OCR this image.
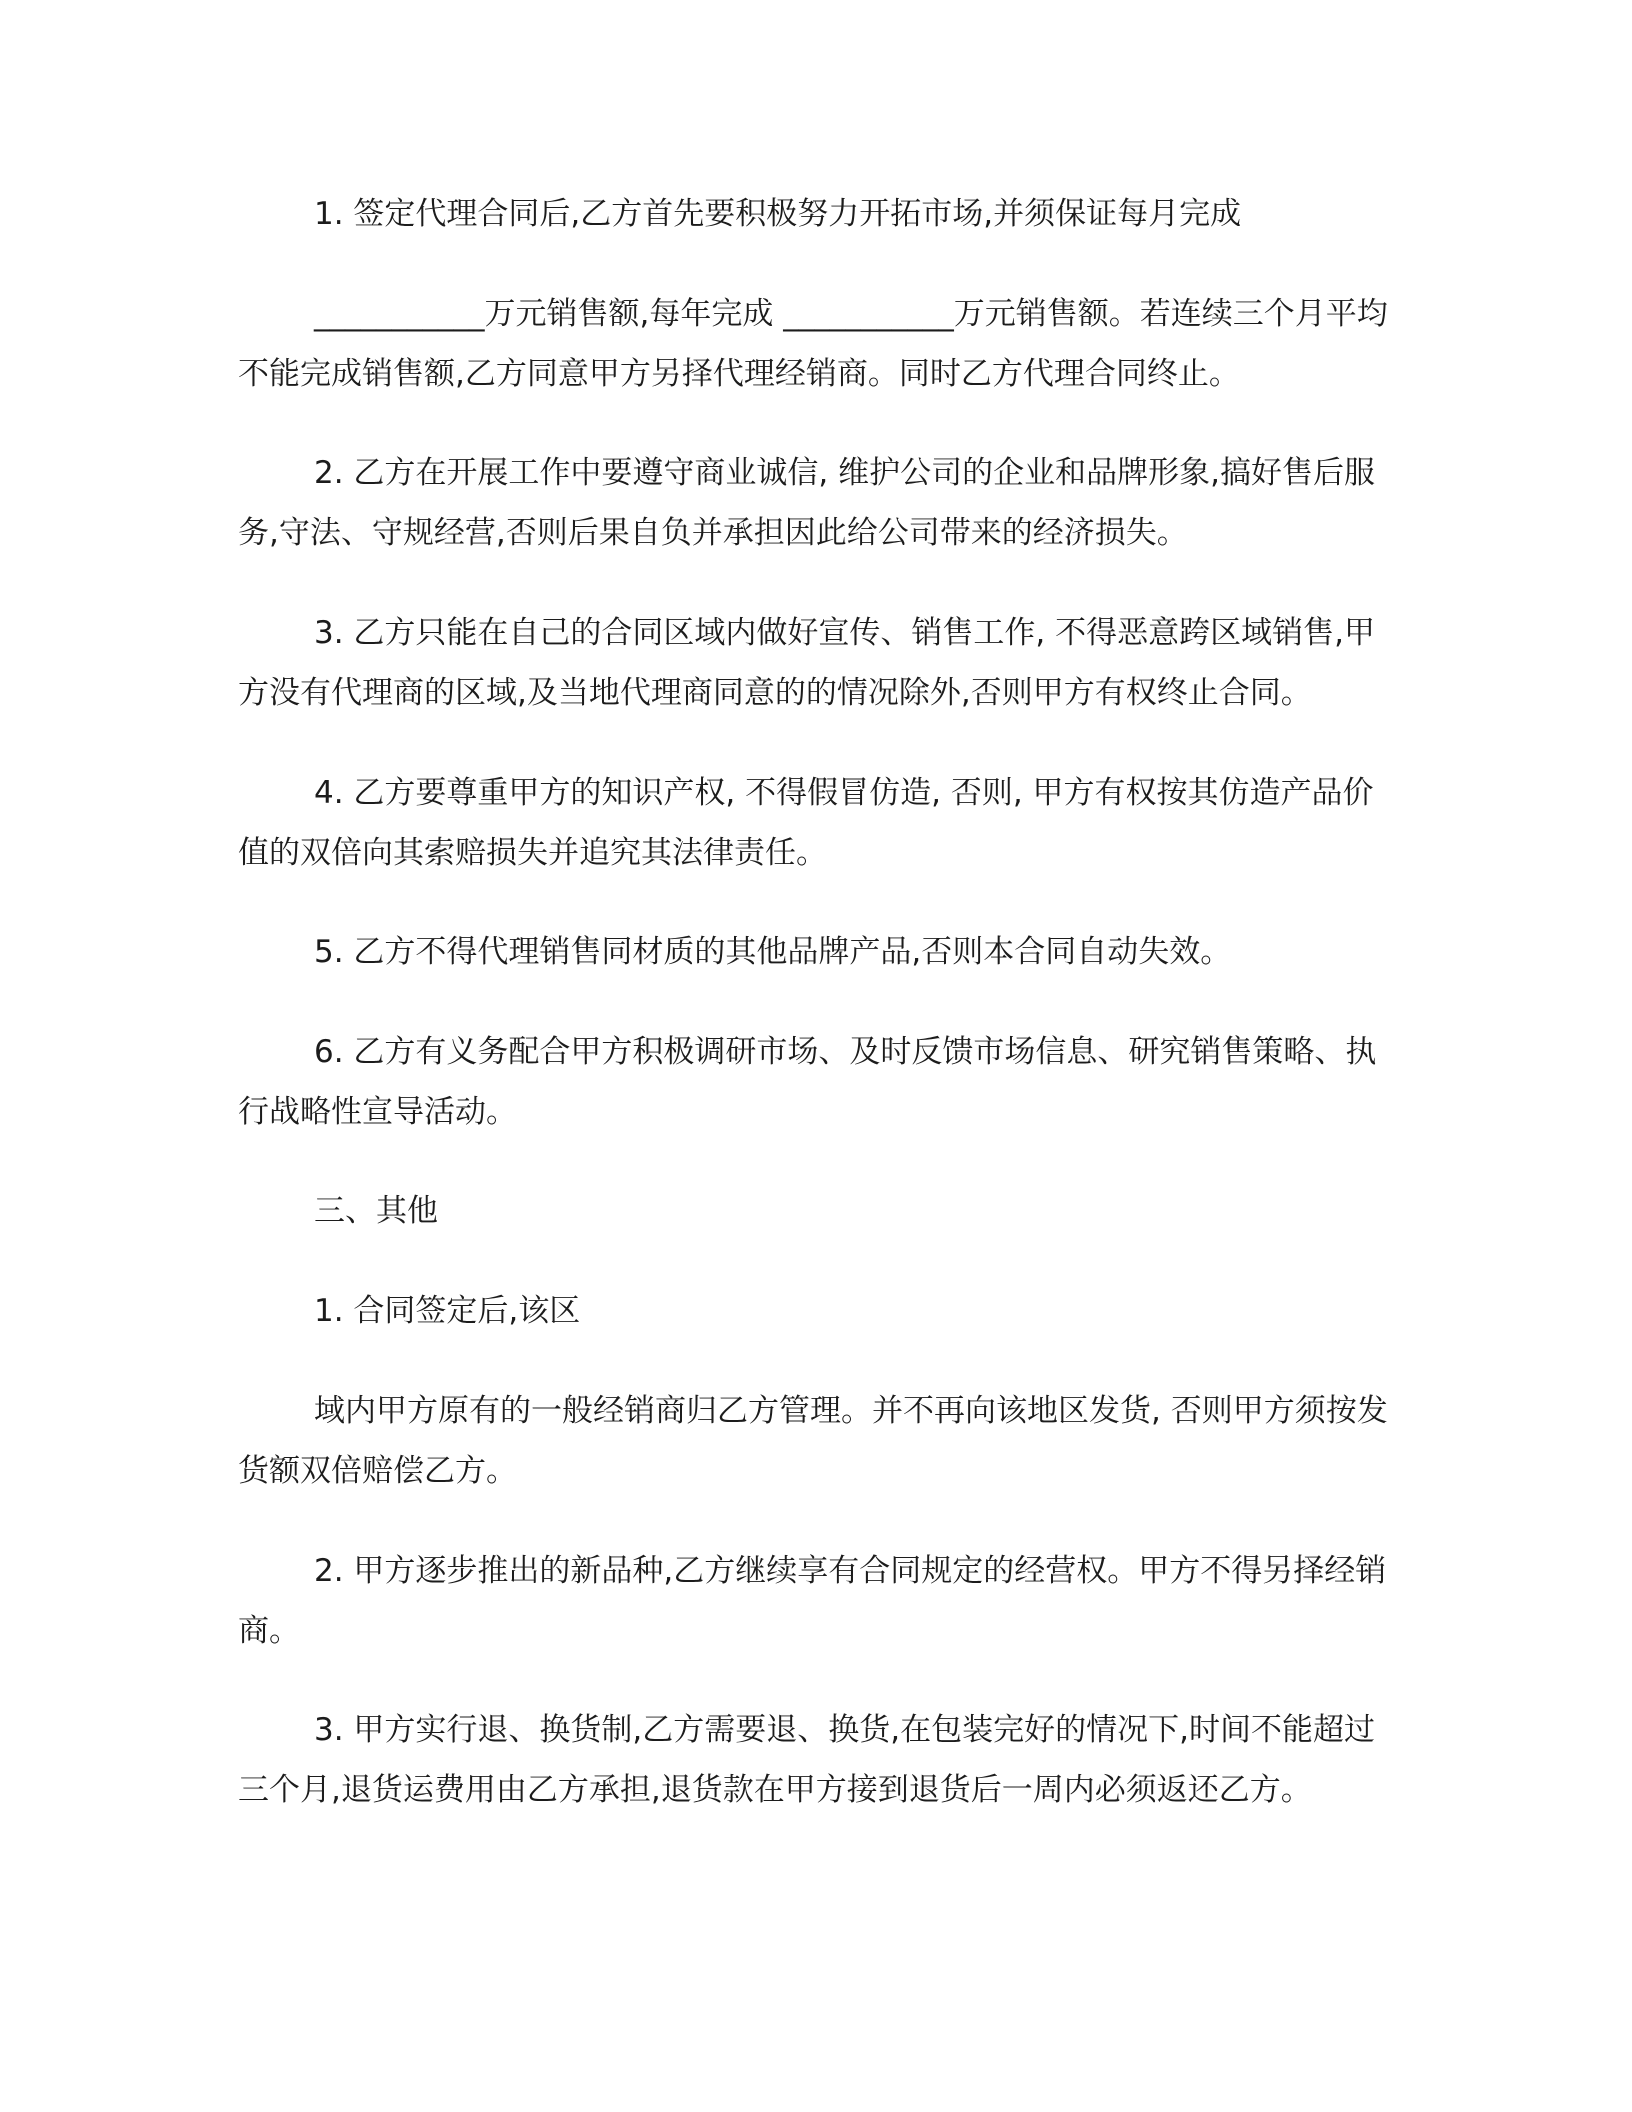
1. 签定代理合同后,乙方首先要积极努力开拓市场,并须保证每月完成

___________万元销售额,每年完成 ___________万元销售额。若连续三个月平均不能完成销售额,乙方同意甲方另择代理经销商。同时乙方代理合同终止。

2. 乙方在开展工作中要遵守商业诚信, 维护公司的企业和品牌形象,搞好售后服务,守法、守规经营,否则后果自负并承担因此给公司带来的经济损失。

3. 乙方只能在自己的合同区域内做好宣传、销售工作, 不得恶意跨区域销售,甲方没有代理商的区域,及当地代理商同意的的情况除外,否则甲方有权终止合同。

4. 乙方要尊重甲方的知识产权, 不得假冒仿造, 否则, 甲方有权按其仿造产品价值的双倍向其索赔损失并追究其法律责任。

5. 乙方不得代理销售同材质的其他品牌产品,否则本合同自动失效。

6. 乙方有义务配合甲方积极调研市场、及时反馈市场信息、研究销售策略、执行战略性宣导活动。

三、其他

1. 合同签定后,该区

域内甲方原有的一般经销商归乙方管理。并不再向该地区发货, 否则甲方须按发货额双倍赔偿乙方。

2. 甲方逐步推出的新品种,乙方继续享有合同规定的经营权。甲方不得另择经销商。

3. 甲方实行退、换货制,乙方需要退、换货,在包装完好的情况下,时间不能超过三个月,退货运费用由乙方承担,退货款在甲方接到退货后一周内必须返还乙方。
